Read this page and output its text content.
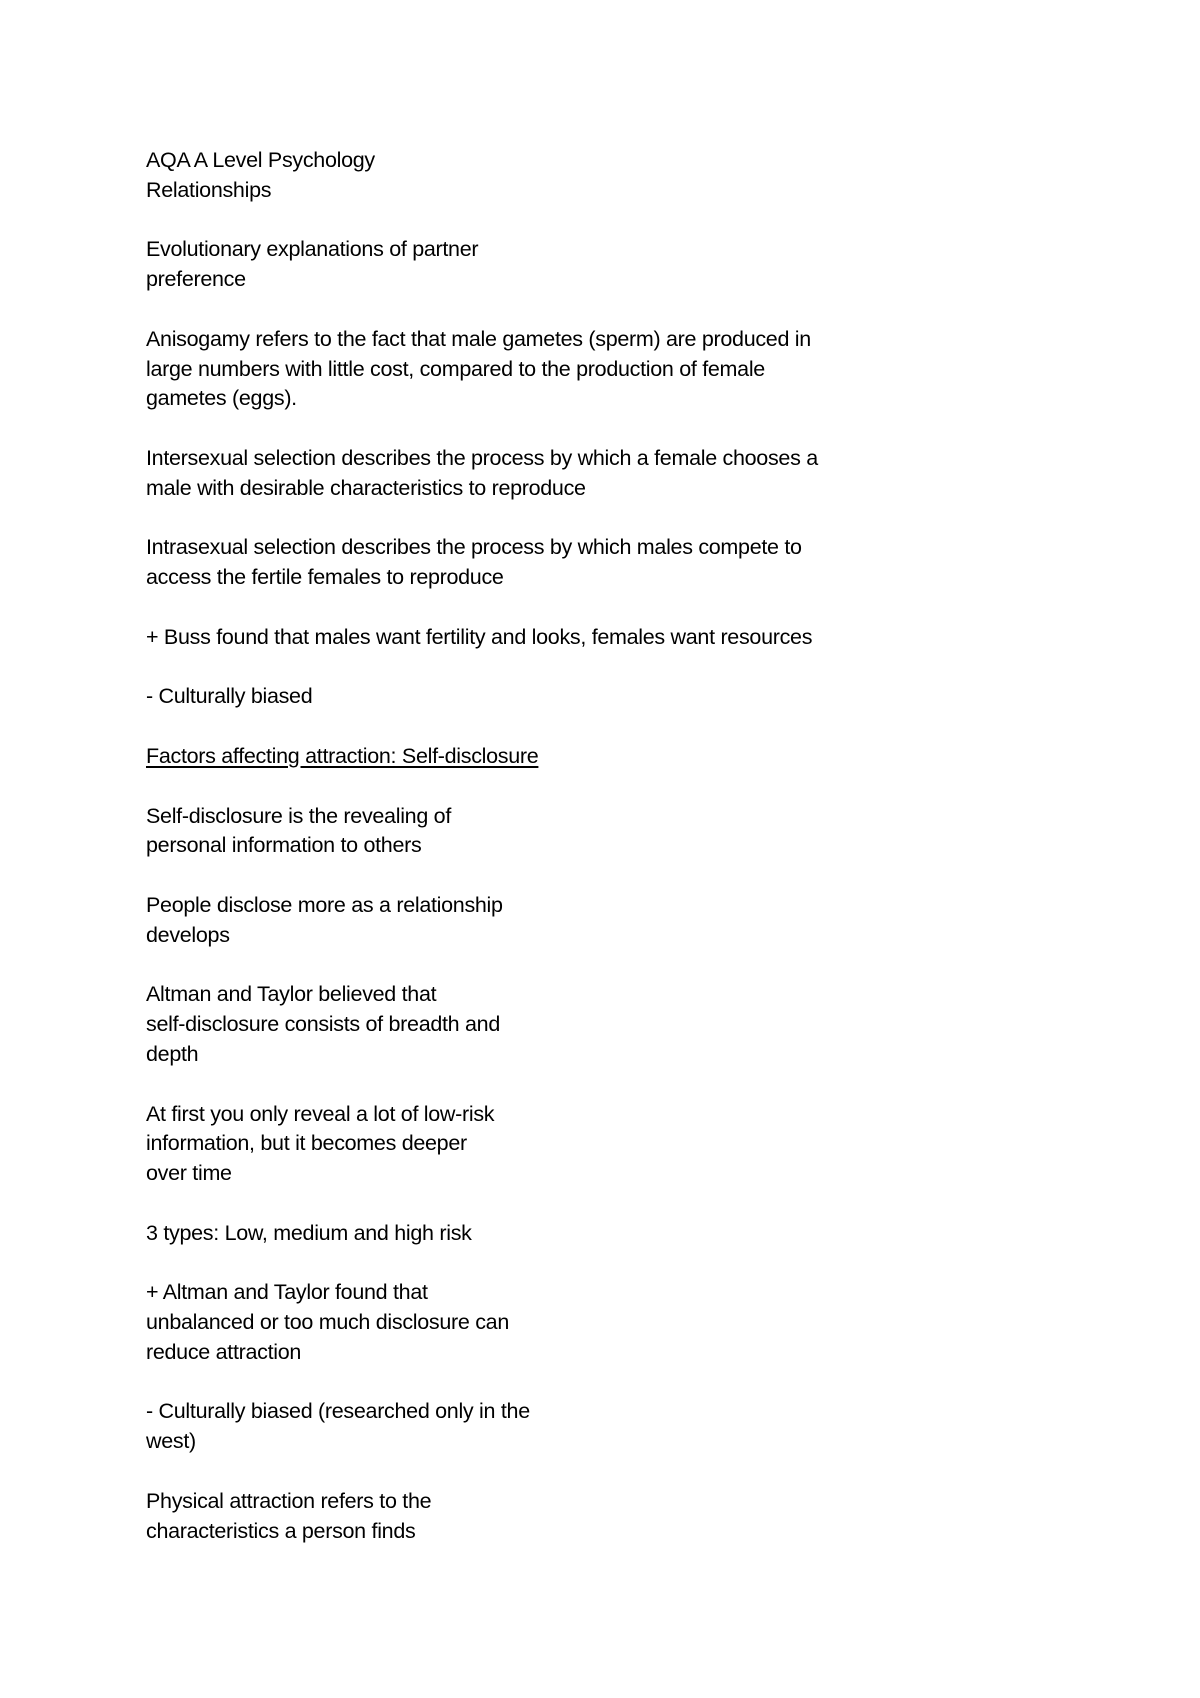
AQA A Level Psychology
Relationships

Evolutionary explanations of partner
preference

Anisogamy refers to the fact that male gametes (sperm) are produced in
large numbers with little cost, compared to the production of female
gametes (eggs).

Intersexual selection describes the process by which a female chooses a
male with desirable characteristics to reproduce

Intrasexual selection describes the process by which males compete to
access the fertile females to reproduce

+ Buss found that males want fertility and looks, females want resources

- Culturally biased

Factors affecting attraction: Self-disclosure

Self-disclosure is the revealing of
personal information to others

People disclose more as a relationship
develops

Altman and Taylor believed that
self-disclosure consists of breadth and
depth

At first you only reveal a lot of low-risk
information, but it becomes deeper
over time

3 types: Low, medium and high risk

+ Altman and Taylor found that
unbalanced or too much disclosure can
reduce attraction

- Culturally biased (researched only in the
west)

Physical attraction refers to the
characteristics a person finds
